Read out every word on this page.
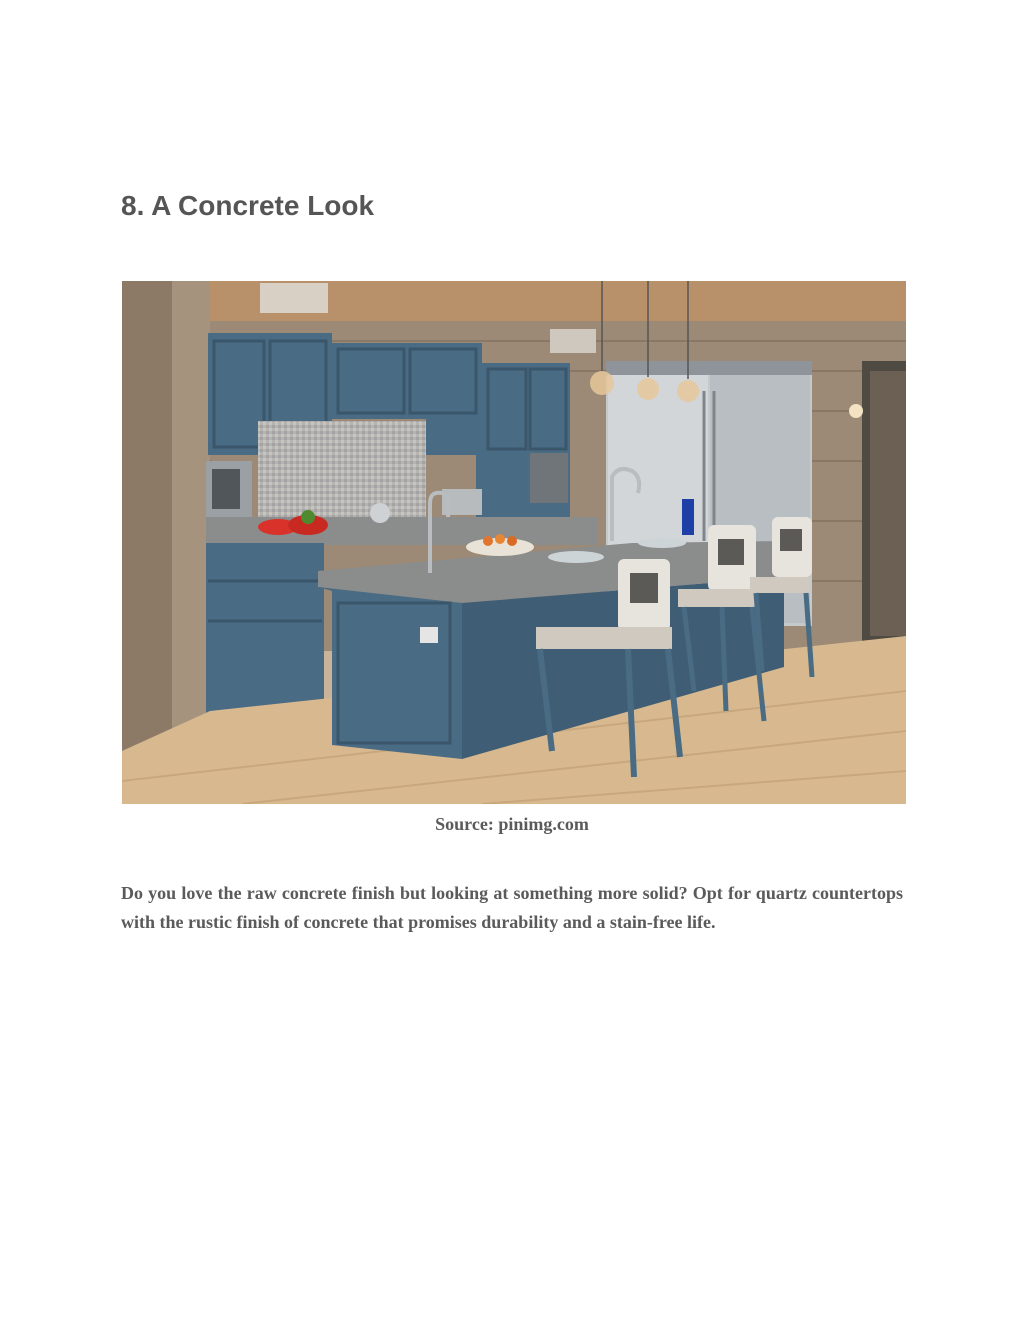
8. A Concrete Look

Source: pinimg.com

Do you love the raw concrete finish but looking at something more solid? Opt for quartz countertops with the rustic finish of concrete that promises durability and a stain-free life.
